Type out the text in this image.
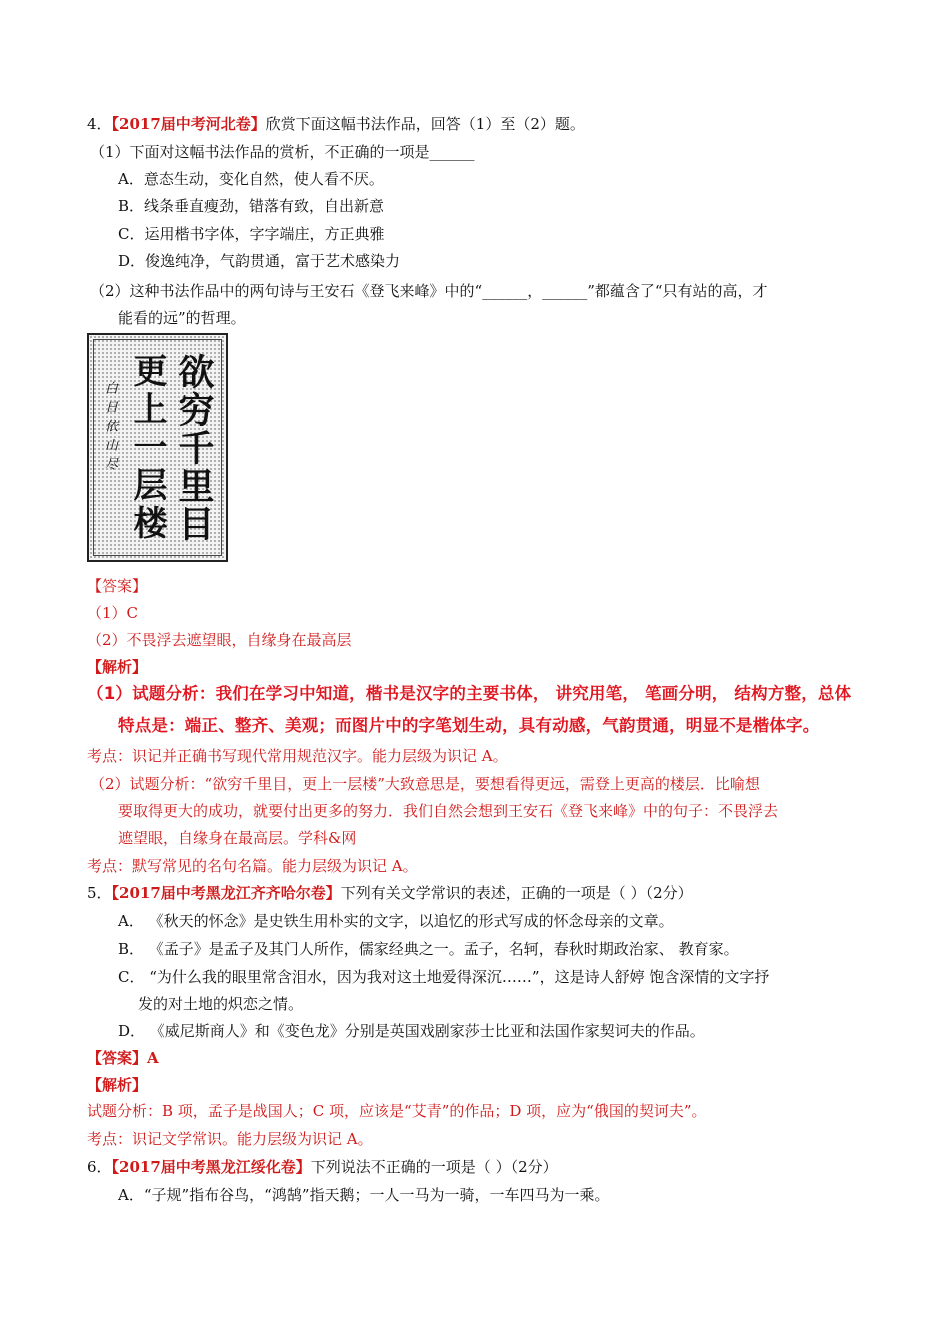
4．【2017届中考河北卷】欣赏下面这幅书法作品，回答（1）至（2）题。
（1）下面对这幅书法作品的赏析，不正确的一项是______
A．意态生动，变化自然，使人看不厌。
B．线条垂直瘦劲，错落有致，自出新意
C．运用楷书字体，字字端庄，方正典雅
D．俊逸纯净，气韵贯通，富于艺术感染力
（2）这种书法作品中的两句诗与王安石《登飞来峰》中的“______，______”都蕴含了“只有站的高，才
能看的远”的哲理。
欲穷千里目
更上一层楼
白日依山尽
【答案】
（1）C
（2）不畏浮去遮望眼，自缘身在最高层
【解析】
（1）试题分析：我们在学习中知道，楷书是汉字的主要书体， 讲究用笔， 笔画分明， 结构方整，总体
特点是：端正、整齐、美观；而图片中的字笔划生动，具有动感，气韵贯通，明显不是楷体字。
考点：识记并正确书写现代常用规范汉字。能力层级为识记 A。
（2）试题分析：“欲穷千里目，更上一层楼”大致意思是，要想看得更远，需登上更高的楼层．比喻想
要取得更大的成功，就要付出更多的努力．我们自然会想到王安石《登飞来峰》中的句子：不畏浮去
遮望眼，自缘身在最高层。学科&网
考点：默写常见的名句名篇。能力层级为识记 A。
5．【2017届中考黑龙江齐齐哈尔卷】下列有关文学常识的表述，正确的一项是（ ）（2分）
A． 《秋天的怀念》是史铁生用朴实的文字，以追忆的形式写成的怀念母亲的文章。
B． 《孟子》是孟子及其门人所作，儒家经典之一。孟子，名轲，春秋时期政治家、 教育家。
C． “为什么我的眼里常含泪水，因为我对这土地爱得深沉……”，这是诗人舒婷 饱含深情的文字抒
发的对土地的炽恋之情。
D． 《威尼斯商人》和《变色龙》分别是英国戏剧家莎士比亚和法国作家契诃夫的作品。
【答案】A
【解析】
试题分析：B 项，孟子是战国人；C 项，应该是“艾青”的作品；D 项，应为“俄国的契诃夫”。
考点：识记文学常识。能力层级为识记 A。
6．【2017届中考黑龙江绥化卷】下列说法不正确的一项是（ ）（2分）
A．“子规”指布谷鸟，“鸿鹄”指天鹅；一人一马为一骑，一车四马为一乘。
